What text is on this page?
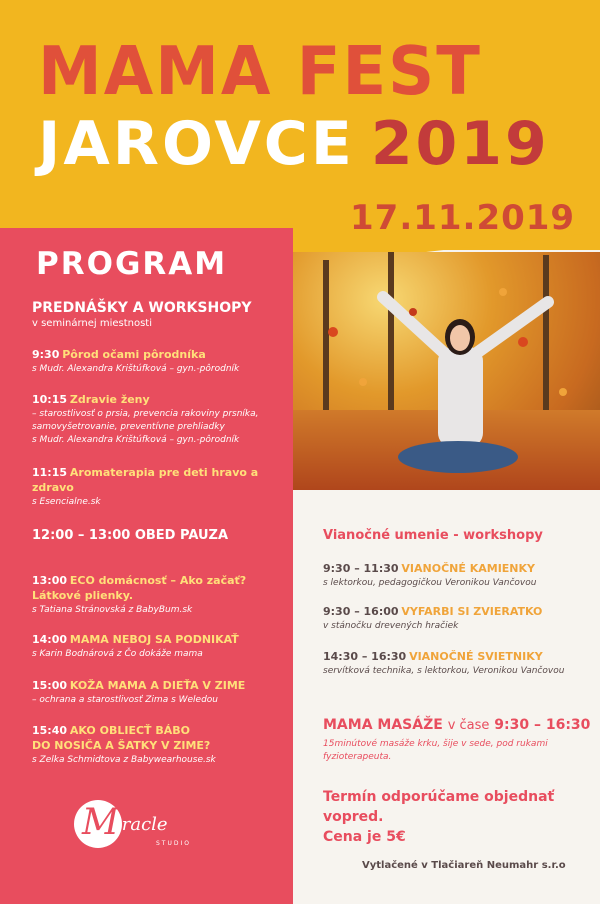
MAMA FEST
JAROVCE 2019
17.11.2019
PROGRAM
PREDNÁŠKY A WORKSHOPY
v seminárnej miestnosti
9:30 Pôrod očami pôrodníka
s Mudr. Alexandra Krištúfková – gyn.-pôrodník
10:15 Zdravie ženy
– starostlivosť o prsia, prevencia rakoviny prsníka,
samovyšetrovanie, preventívne prehliadky
s Mudr. Alexandra Krištúfková – gyn.-pôrodník
11:15 Aromaterapia pre deti hravo a zdravo
s Esencialne.sk
12:00 – 13:00 OBED PAUZA
13:00 ECO domácnosť – Ako začať?
Látkové plienky.
s Tatiana Stránovská z BabyBum.sk
14:00 MAMA NEBOJ SA PODNIKAŤ
s Karin Bodnárová z Čo dokáže mama
15:00 KOŽA MAMA A DIEŤA V ZIME
– ochrana a starostlivosť Zima s Weledou
15:40 AKO OBLIECŤ BÁBO
DO NOSIČA A ŠATKY V ZIME?
s Zelka Schmidtova z Babywearhouse.sk
M
iracle
STUDIO
Vianočné umenie - workshopy
9:30 – 11:30 VIANOČNÉ KAMIENKY
s lektorkou, pedagogičkou Veronikou Vančovou
9:30 – 16:00 VYFARBI SI ZVIERATKO
v stánočku drevených hračiek
14:30 – 16:30 VIANOČNÉ SVIETNIKY
servítková technika, s lektorkou, Veronikou Vančovou
MAMA MASÁŽE v čase 9:30 – 16:30
15minútové masáže krku, šije v sede, pod rukami fyzioterapeuta.
Termín odporúčame objednať vopred.
Cena je 5€
Vytlačené v Tlačiareň Neumahr s.r.o
